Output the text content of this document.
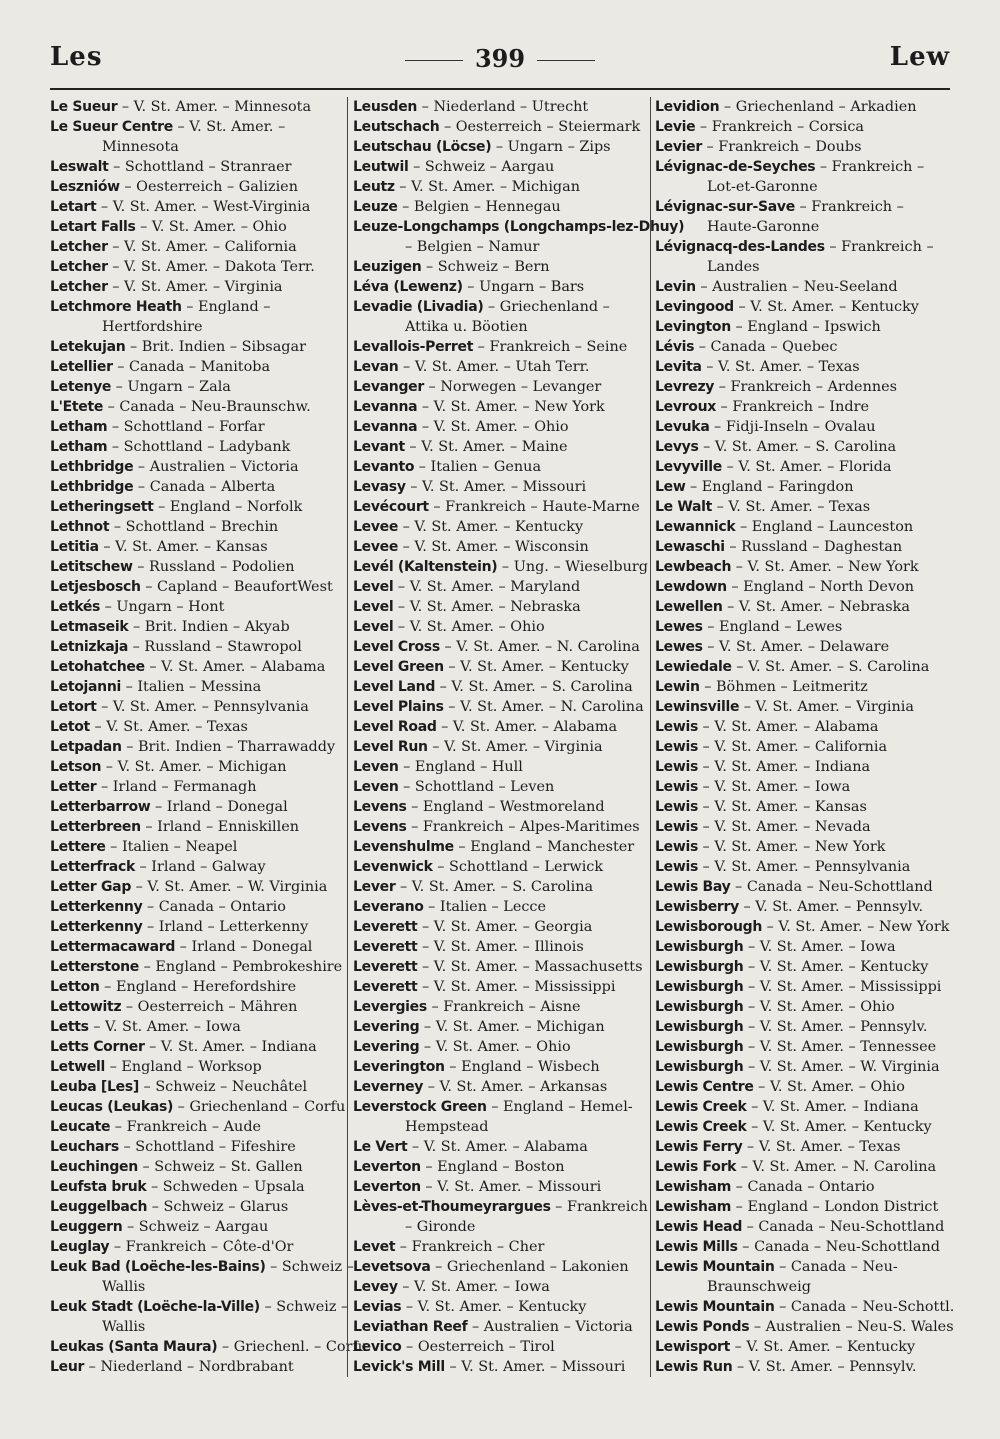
Les	399	Lew
Le Sueur – V. St. Amer. – Minnesota
Le Sueur Centre – V. St. Amer. –
Minnesota
Leswalt – Schottland – Stranraer
Leszniów – Oesterreich – Galizien
Letart – V. St. Amer. – West-Virginia
Letart Falls – V. St. Amer. – Ohio
Letcher – V. St. Amer. – California
Letcher – V. St. Amer. – Dakota Terr.
Letcher – V. St. Amer. – Virginia
Letchmore Heath – England –
Hertfordshire
Letekujan – Brit. Indien – Sibsagar
Letellier – Canada – Manitoba
Letenye – Ungarn – Zala
L'Etete – Canada – Neu-Braunschw.
Letham – Schottland – Forfar
Letham – Schottland – Ladybank
Lethbridge – Australien – Victoria
Lethbridge – Canada – Alberta
Letheringsett – England – Norfolk
Lethnot – Schottland – Brechin
Letitia – V. St. Amer. – Kansas
Letitschew – Russland – Podolien
Letjesbosch – Capland – BeaufortWest
Letkés – Ungarn – Hont
Letmaseik – Brit. Indien – Akyab
Letnizkaja – Russland – Stawropol
Letohatchee – V. St. Amer. – Alabama
Letojanni – Italien – Messina
Letort – V. St. Amer. – Pennsylvania
Letot – V. St. Amer. – Texas
Letpadan – Brit. Indien – Tharrawaddy
Letson – V. St. Amer. – Michigan
Letter – Irland – Fermanagh
Letterbarrow – Irland – Donegal
Letterbreen – Irland – Enniskillen
Lettere – Italien – Neapel
Letterfrack – Irland – Galway
Letter Gap – V. St. Amer. – W. Virginia
Letterkenny – Canada – Ontario
Letterkenny – Irland – Letterkenny
Lettermacaward – Irland – Donegal
Letterstone – England – Pembrokeshire
Letton – England – Herefordshire
Lettowitz – Oesterreich – Mähren
Letts – V. St. Amer. – Iowa
Letts Corner – V. St. Amer. – Indiana
Letwell – England – Worksop
Leuba [Les] – Schweiz – Neuchâtel
Leucas (Leukas) – Griechenland – Corfu
Leucate – Frankreich – Aude
Leuchars – Schottland – Fifeshire
Leuchingen – Schweiz – St. Gallen
Leufsta bruk – Schweden – Upsala
Leuggelbach – Schweiz – Glarus
Leuggern – Schweiz – Aargau
Leuglay – Frankreich – Côte-d'Or
Leuk Bad (Loëche-les-Bains) – Schweiz –
Wallis
Leuk Stadt (Loëche-la-Ville) – Schweiz –
Wallis
Leukas (Santa Maura) – Griechenl. – Corfu
Leur – Niederland – Nordbrabant
Leusden – Niederland – Utrecht
Leutschach – Oesterreich – Steiermark
Leutschau (Löcse) – Ungarn – Zips
Leutwil – Schweiz – Aargau
Leutz – V. St. Amer. – Michigan
Leuze – Belgien – Hennegau
Leuze-Longchamps (Longchamps-lez-Dhuy)
– Belgien – Namur
Leuzigen – Schweiz – Bern
Léva (Lewenz) – Ungarn – Bars
Levadie (Livadia) – Griechenland –
Attika u. Böotien
Levallois-Perret – Frankreich – Seine
Levan – V. St. Amer. – Utah Terr.
Levanger – Norwegen – Levanger
Levanna – V. St. Amer. – New York
Levanna – V. St. Amer. – Ohio
Levant – V. St. Amer. – Maine
Levanto – Italien – Genua
Levasy – V. St. Amer. – Missouri
Levécourt – Frankreich – Haute-Marne
Levee – V. St. Amer. – Kentucky
Levee – V. St. Amer. – Wisconsin
Levél (Kaltenstein) – Ung. – Wieselburg
Level – V. St. Amer. – Maryland
Level – V. St. Amer. – Nebraska
Level – V. St. Amer. – Ohio
Level Cross – V. St. Amer. – N. Carolina
Level Green – V. St. Amer. – Kentucky
Level Land – V. St. Amer. – S. Carolina
Level Plains – V. St. Amer. – N. Carolina
Level Road – V. St. Amer. – Alabama
Level Run – V. St. Amer. – Virginia
Leven – England – Hull
Leven – Schottland – Leven
Levens – England – Westmoreland
Levens – Frankreich – Alpes-Maritimes
Levenshulme – England – Manchester
Levenwick – Schottland – Lerwick
Lever – V. St. Amer. – S. Carolina
Leverano – Italien – Lecce
Leverett – V. St. Amer. – Georgia
Leverett – V. St. Amer. – Illinois
Leverett – V. St. Amer. – Massachusetts
Leverett – V. St. Amer. – Mississippi
Levergies – Frankreich – Aisne
Levering – V. St. Amer. – Michigan
Levering – V. St. Amer. – Ohio
Leverington – England – Wisbech
Leverney – V. St. Amer. – Arkansas
Leverstock Green – England – Hemel-
Hempstead
Le Vert – V. St. Amer. – Alabama
Leverton – England – Boston
Leverton – V. St. Amer. – Missouri
Lèves-et-Thoumeyrargues – Frankreich
– Gironde
Levet – Frankreich – Cher
Levetsova – Griechenland – Lakonien
Levey – V. St. Amer. – Iowa
Levias – V. St. Amer. – Kentucky
Leviathan Reef – Australien – Victoria
Levico – Oesterreich – Tirol
Levick's Mill – V. St. Amer. – Missouri
Levidion – Griechenland – Arkadien
Levie – Frankreich – Corsica
Levier – Frankreich – Doubs
Lévignac-de-Seyches – Frankreich –
Lot-et-Garonne
Lévignac-sur-Save – Frankreich –
Haute-Garonne
Lévignacq-des-Landes – Frankreich –
Landes
Levin – Australien – Neu-Seeland
Levingood – V. St. Amer. – Kentucky
Levington – England – Ipswich
Lévis – Canada – Quebec
Levita – V. St. Amer. – Texas
Levrezy – Frankreich – Ardennes
Levroux – Frankreich – Indre
Levuka – Fidji-Inseln – Ovalau
Levys – V. St. Amer. – S. Carolina
Levyville – V. St. Amer. – Florida
Lew – England – Faringdon
Le Walt – V. St. Amer. – Texas
Lewannick – England – Launceston
Lewaschi – Russland – Daghestan
Lewbeach – V. St. Amer. – New York
Lewdown – England – North Devon
Lewellen – V. St. Amer. – Nebraska
Lewes – England – Lewes
Lewes – V. St. Amer. – Delaware
Lewiedale – V. St. Amer. – S. Carolina
Lewin – Böhmen – Leitmeritz
Lewinsville – V. St. Amer. – Virginia
Lewis – V. St. Amer. – Alabama
Lewis – V. St. Amer. – California
Lewis – V. St. Amer. – Indiana
Lewis – V. St. Amer. – Iowa
Lewis – V. St. Amer. – Kansas
Lewis – V. St. Amer. – Nevada
Lewis – V. St. Amer. – New York
Lewis – V. St. Amer. – Pennsylvania
Lewis Bay – Canada – Neu-Schottland
Lewisberry – V. St. Amer. – Pennsylv.
Lewisborough – V. St. Amer. – New York
Lewisburgh – V. St. Amer. – Iowa
Lewisburgh – V. St. Amer. – Kentucky
Lewisburgh – V. St. Amer. – Mississippi
Lewisburgh – V. St. Amer. – Ohio
Lewisburgh – V. St. Amer. – Pennsylv.
Lewisburgh – V. St. Amer. – Tennessee
Lewisburgh – V. St. Amer. – W. Virginia
Lewis Centre – V. St. Amer. – Ohio
Lewis Creek – V. St. Amer. – Indiana
Lewis Creek – V. St. Amer. – Kentucky
Lewis Ferry – V. St. Amer. – Texas
Lewis Fork – V. St. Amer. – N. Carolina
Lewisham – Canada – Ontario
Lewisham – England – London District
Lewis Head – Canada – Neu-Schottland
Lewis Mills – Canada – Neu-Schottland
Lewis Mountain – Canada – Neu-
Braunschweig
Lewis Mountain – Canada – Neu-Schottl.
Lewis Ponds – Australien – Neu-S. Wales
Lewisport – V. St. Amer. – Kentucky
Lewis Run – V. St. Amer. – Pennsylv.
